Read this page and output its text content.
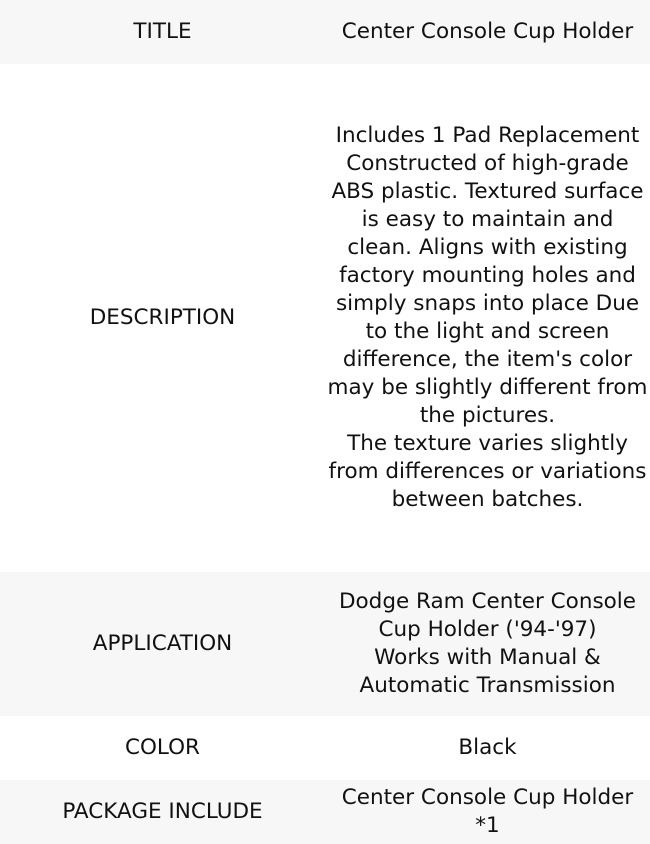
TITLE	Center Console Cup Holder

DESCRIPTION	Includes 1 Pad Replacement
Constructed of high-grade ABS plastic. Textured surface is easy to maintain and clean. Aligns with existing factory mounting holes and simply snaps into place Due to the light and screen difference, the item's color may be slightly different from the pictures.
The texture varies slightly from differences or variations between batches.

APPLICATION	Dodge Ram Center Console Cup Holder ('94-'97)
Works with Manual & Automatic Transmission

COLOR	Black

PACKAGE INCLUDE	Center Console Cup Holder *1
